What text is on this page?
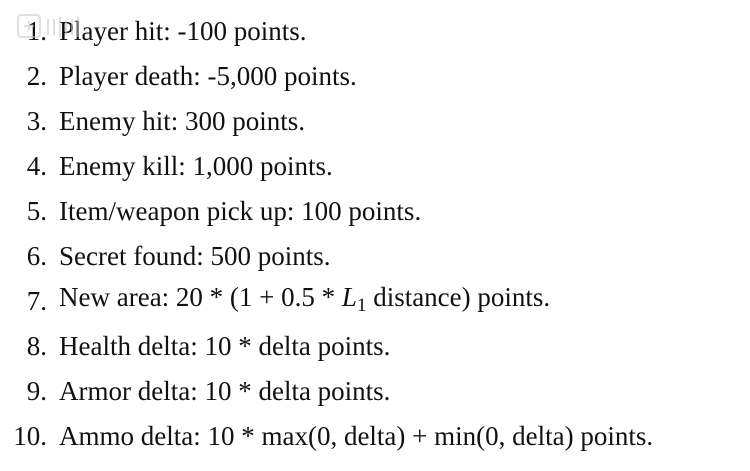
1. Player hit: -100 points.
2. Player death: -5,000 points.
3. Enemy hit: 300 points.
4. Enemy kill: 1,000 points.
5. Item/weapon pick up: 100 points.
6. Secret found: 500 points.
7. New area: 20 * (1 + 0.5 * L1 distance) points.
8. Health delta: 10 * delta points.
9. Armor delta: 10 * delta points.
10. Ammo delta: 10 * max(0, delta) + min(0, delta) points.
